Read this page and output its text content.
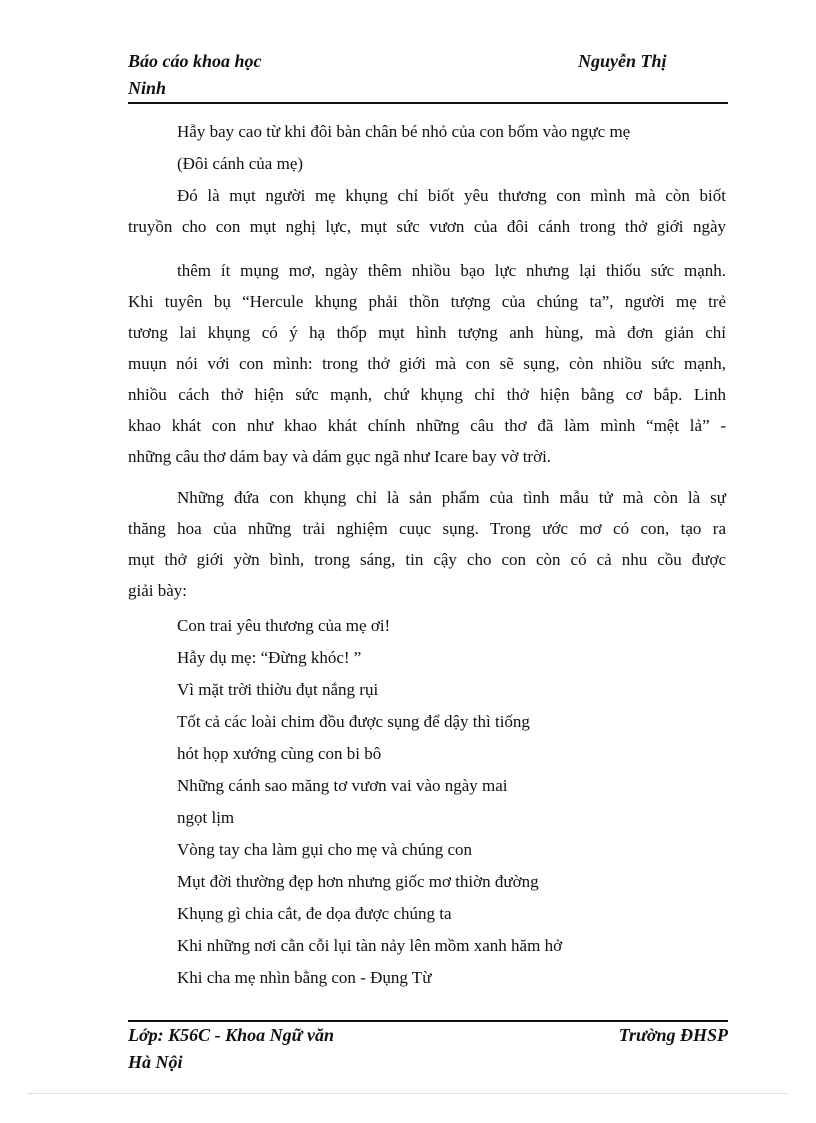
Báo cáo khoa học	Nguyễn Thị
Ninh
Hẫy bay cao từ khi đôi bàn chân bé nhỏ của con bốm vào ngực mẹ
(Đôi cánh của mẹ)
Đó là mụt người mẹ khụng chỉ biốt yêu thương con mình mà còn biốt
truyồn cho con mụt nghị lực, mụt sức vươn của đôi cánh trong thở giới ngày
thêm ít mụng mơ, ngày thêm nhiồu bạo lực nhưng lại thiốu sức mạnh.
Khi tuyên bụ “Hercule khụng phải thồn tượng của chúng ta”, người mẹ trẻ
tương lai khụng có ý hạ thốp mụt hình tượng anh hùng, mà đơn giản chỉ
muụn nói với con mình: trong thở giới mà con sẽ sụng, còn nhiồu sức mạnh,
nhiồu cách thở hiện sức mạnh, chứ khụng chỉ thở hiện bằng cơ bắp. Linh
khao khát con như khao khát chính những câu thơ đã làm mình “mệt lả” -
những câu thơ dám bay và dám gục ngã như Icare bay vờ trời.
Những đứa con khụng chỉ là sản phẩm của tình mẫu tử mà còn là sự
thăng hoa của những trải nghiệm cuục sụng. Trong ước mơ có con, tạo ra
mụt thở giới yờn bình, trong sáng, tin cậy cho con còn có cả nhu cồu được
giải bày:
Con trai yêu thương của mẹ ơi!
Hẫy dụ mẹ: “Đừng khóc! ”
Vì mặt trời thiờu đụt nắng rụi
Tốt cả các loài chim đồu được sụng để dậy thì tiống
hót họp xướng cùng con bi bô
Những cánh sao măng tơ vươn vai vào ngày mai
ngọt lịm
Vòng tay cha làm gụi cho mẹ và chúng con
Mụt đời thường đẹp hơn nhưng giốc mơ thiờn đường
Khụng gì chia cắt, đe dọa được chúng ta
Khi những nơi cằn cỗi lụi tàn nảy lên mồm xanh hăm hở
Khi cha mẹ nhìn bằng con - Đụng Từ
Lớp: K56C - Khoa Ngữ văn	Trường ĐHSP
Hà Nội
